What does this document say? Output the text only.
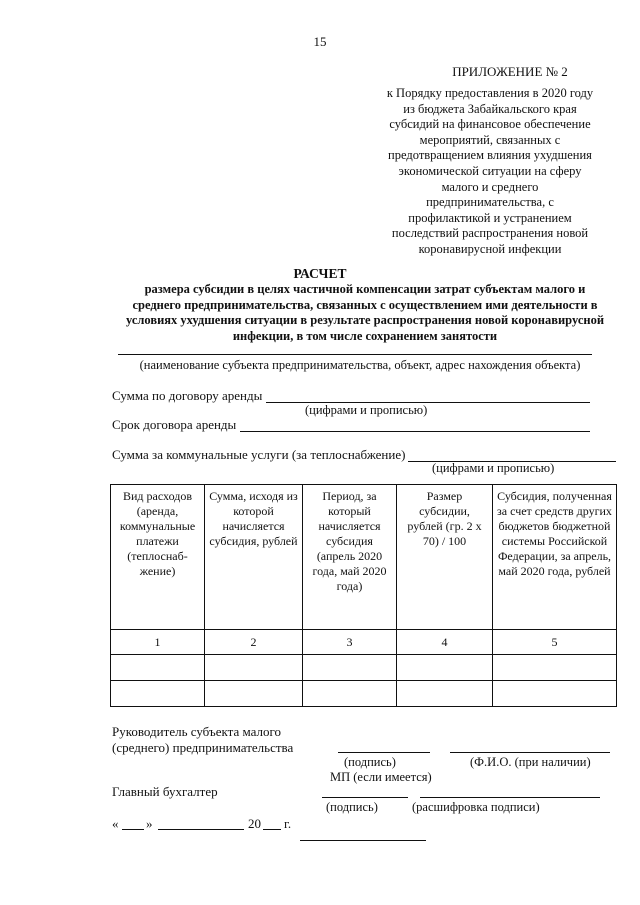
15
ПРИЛОЖЕНИЕ № 2
к Порядку предоставления в 2020 году
из бюджета Забайкальского края
субсидий на финансовое обеспечение
мероприятий, связанных с
предотвращением влияния ухудшения
экономической ситуации на сферу
малого и среднего
предпринимательства, с
профилактикой и устранением
последствий распространения новой
коронавирусной инфекции
РАСЧЕТ
размера субсидии в целях частичной компенсации затрат субъектам малого и
среднего предпринимательства, связанных с осуществлением ими деятельности в
условиях ухудшения ситуации в результате распространения новой коронавирусной
инфекции, в том числе сохранением занятости
(наименование субъекта предпринимательства, объект, адрес нахождения объекта)
Сумма по договору аренды
(цифрами и прописью)
Срок договора аренды
Сумма за коммунальные услуги (за теплоснабжение)
(цифрами и прописью)
Вид расходов (аренда, коммунальные платежи (теплоснаб-жение)	Сумма, исходя из которой начисляется субсидия, рублей	Период, за который начисляется субсидия (апрель 2020 года, май 2020 года)	Размер субсидии, рублей (гр. 2 х 70) / 100	Субсидия, полученная за счет средств других бюджетов бюджетной системы Российской Федерации, за апрель, май 2020 года, рублей
1	2	3	4	5

Руководитель субъекта малого
(среднего) предпринимательства
(подпись)	(Ф.И.О. (при наличии)
МП (если имеется)
Главный бухгалтер
(подпись)	(расшифровка подписи)
« »	20 г.
